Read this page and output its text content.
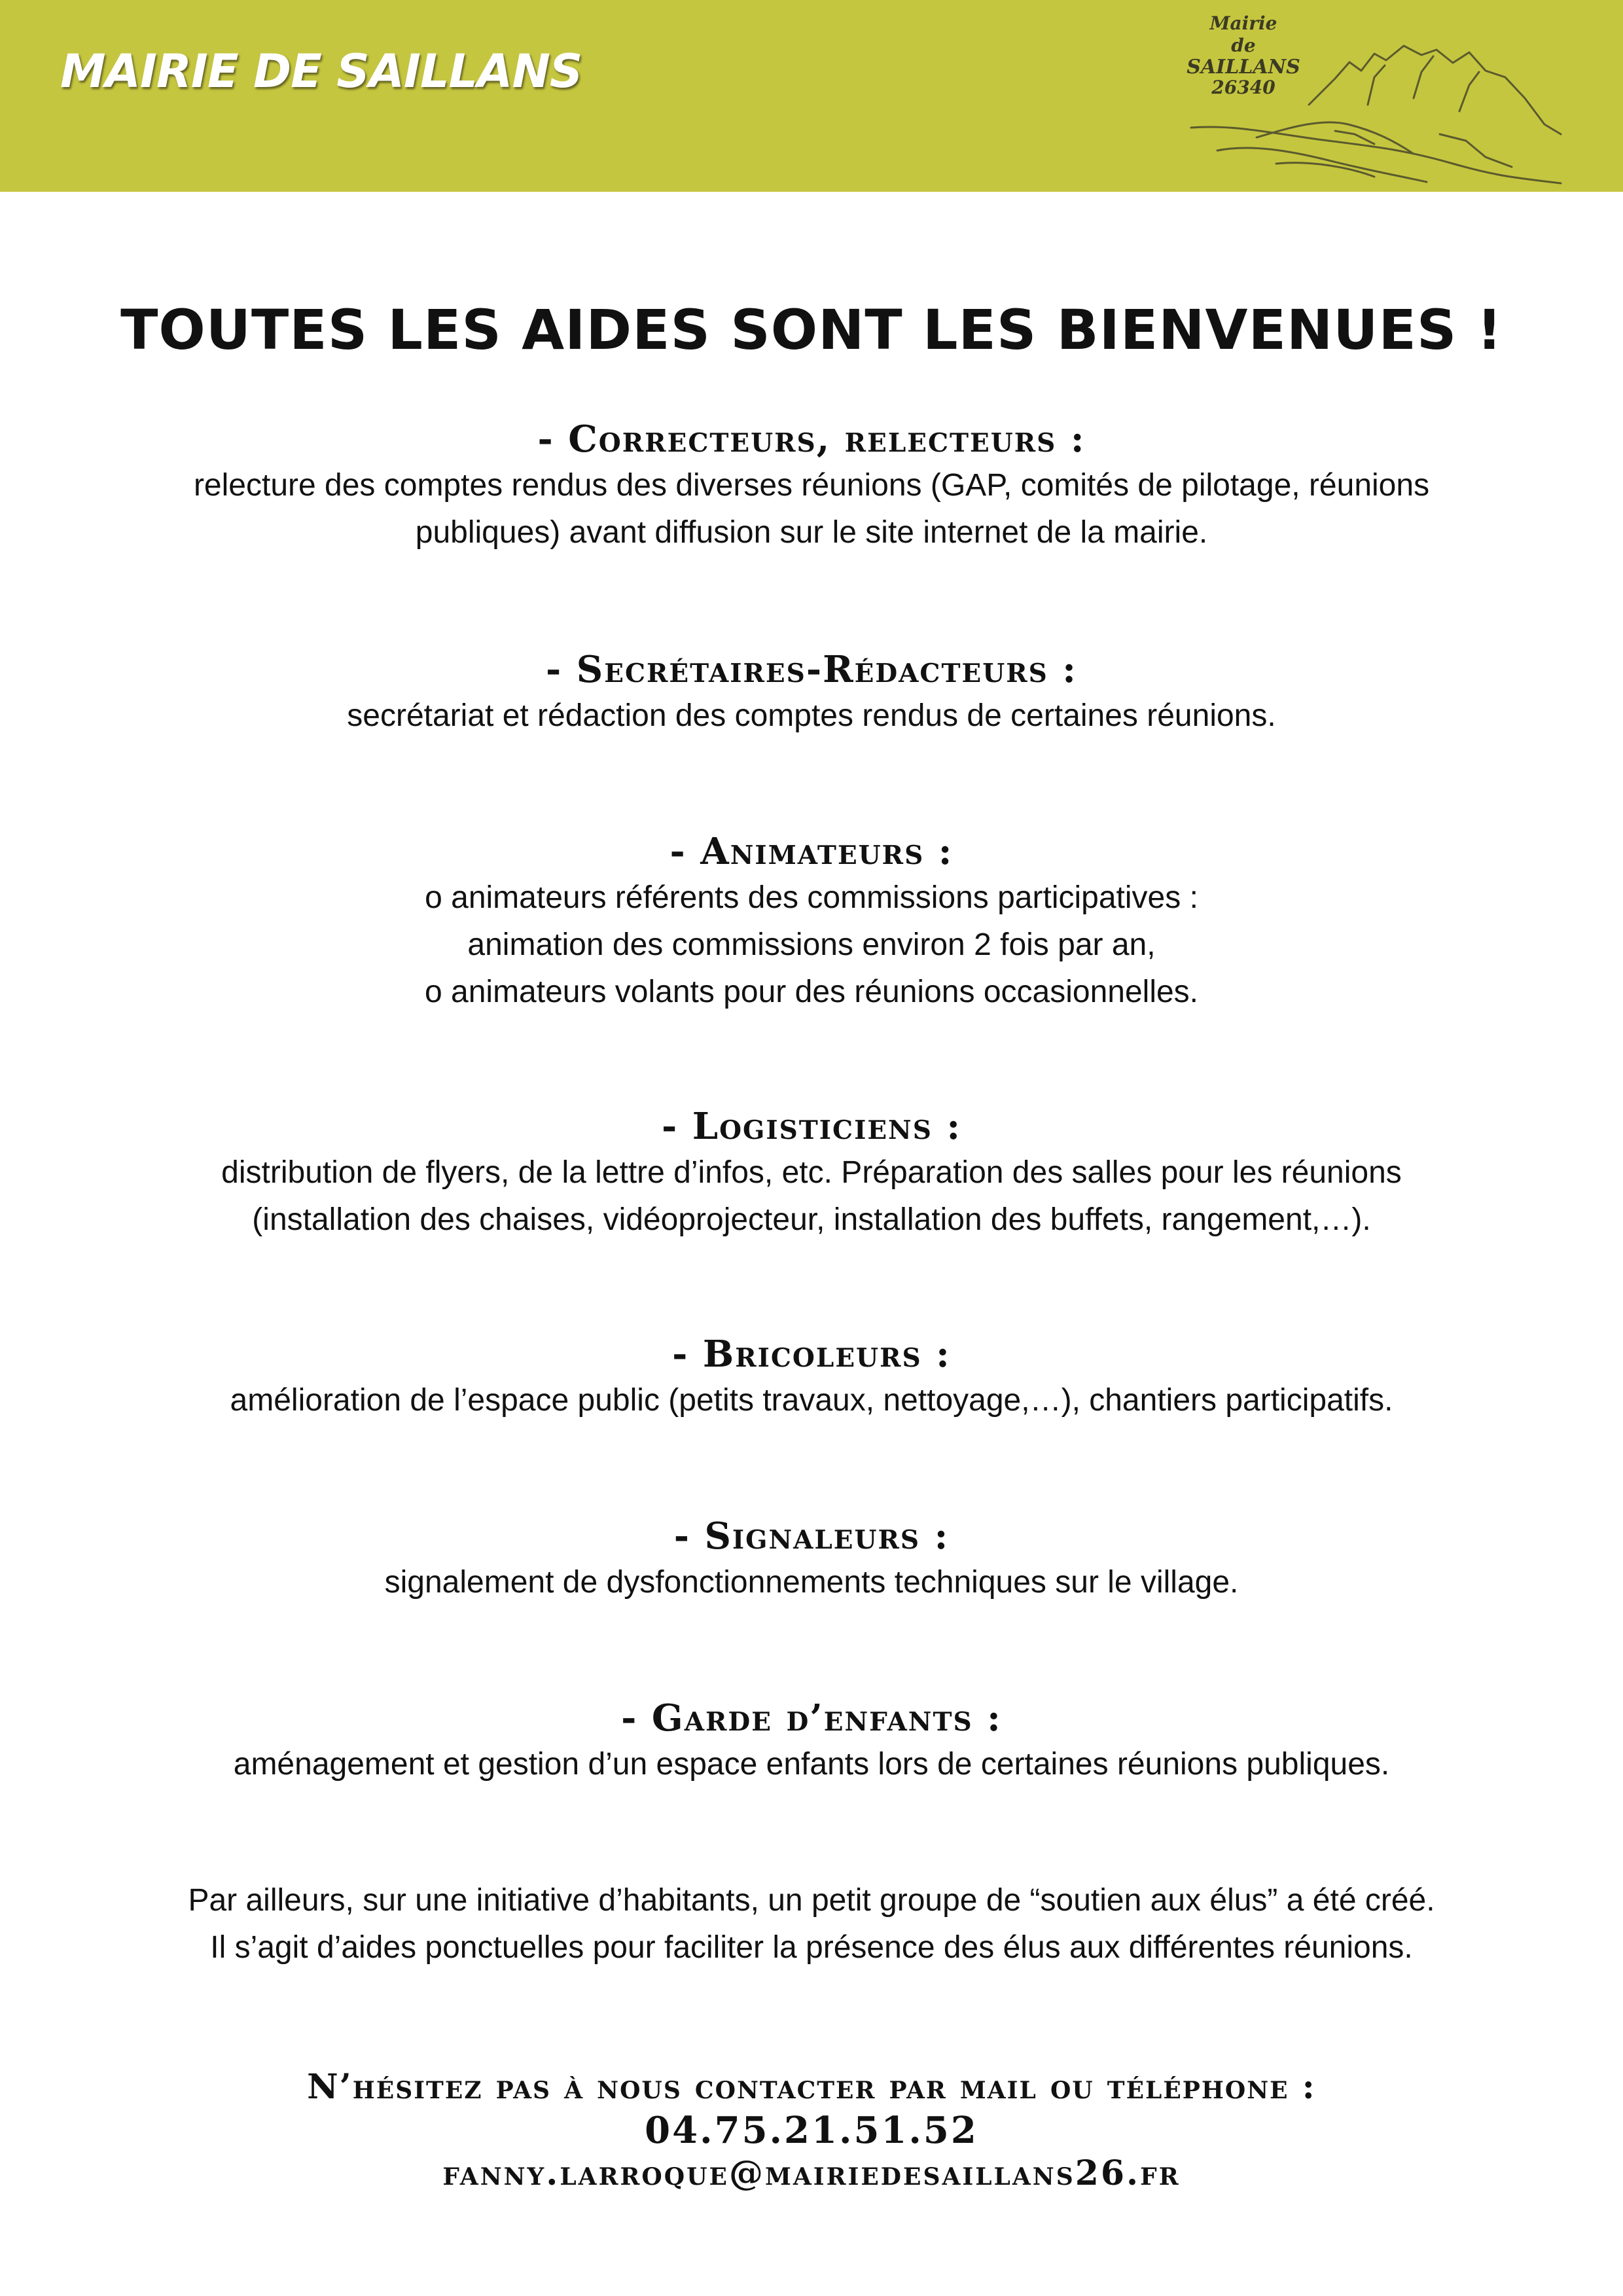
MAIRIE DE SAILLANS
Mairie
de
SAILLANS
26340
TOUTES LES AIDES SONT LES BIENVENUES !
- Correcteurs, relecteurs :

relecture des comptes rendus des diverses réunions (GAP, comités de pilotage, réunions

publiques) avant diffusion sur le site internet de la mairie.

- Secrétaires-Rédacteurs :

secrétariat et rédaction des comptes rendus de certaines réunions.

- Animateurs :

o animateurs référents des commissions participatives :

animation des commissions environ 2 fois par an,

o animateurs volants pour des réunions occasionnelles.

- Logisticiens :

distribution de flyers, de la lettre d’infos, etc. Préparation des salles pour les réunions

(installation des chaises, vidéoprojecteur, installation des buffets, rangement,…).

- Bricoleurs :

amélioration de l’espace public (petits travaux, nettoyage,…), chantiers participatifs.

- Signaleurs :

signalement de dysfonctionnements techniques sur le village.

- Garde d’enfants :

aménagement et gestion d’un espace enfants lors de certaines réunions publiques.

Par ailleurs, sur une initiative d’habitants, un petit groupe de “soutien aux élus” a été créé.

Il s’agit d’aides ponctuelles pour faciliter la présence des élus aux différentes réunions.

N’hésitez pas à nous contacter par mail ou téléphone :
04.75.21.51.52
fanny.larroque@mairiedesaillans26.fr
